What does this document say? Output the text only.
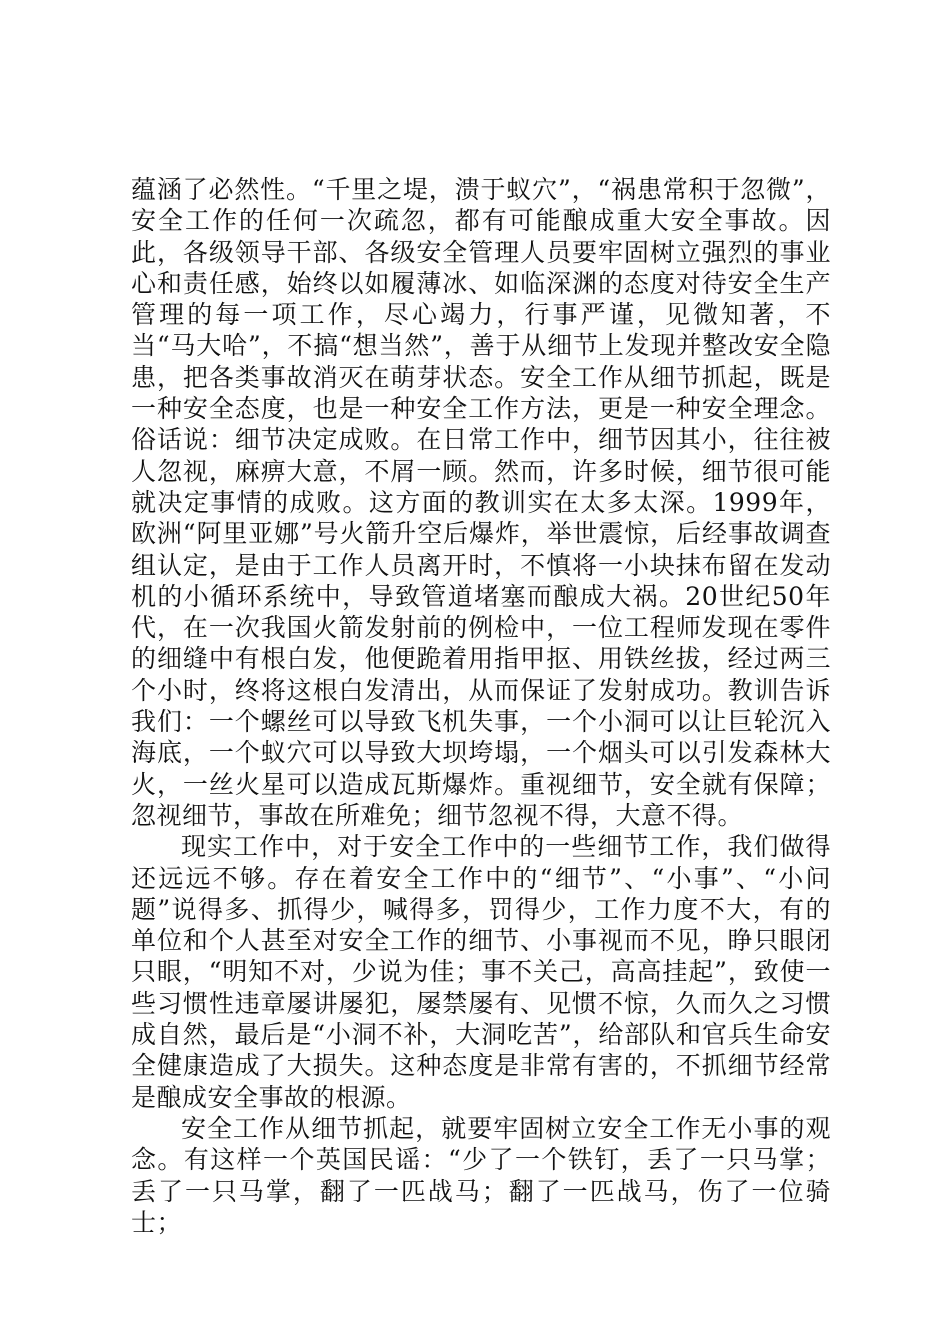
蕴涵了必然性。“千里之堤，溃于蚁穴”，“祸患常积于忽微”，安全工作的任何一次疏忽，都有可能酿成重大安全事故。因此，各级领导干部、各级安全管理人员要牢固树立强烈的事业心和责任感，始终以如履薄冰、如临深渊的态度对待安全生产管理的每一项工作，尽心竭力，行事严谨，见微知著，不当“马大哈”，不搞“想当然”，善于从细节上发现并整改安全隐患，把各类事故消灭在萌芽状态。安全工作从细节抓起，既是一种安全态度，也是一种安全工作方法，更是一种安全理念。俗话说：细节决定成败。在日常工作中，细节因其小，往往被人忽视，麻痹大意，不屑一顾。然而，许多时候，细节很可能就决定事情的成败。这方面的教训实在太多太深。1999年，欧洲“阿里亚娜”号火箭升空后爆炸，举世震惊，后经事故调查组认定，是由于工作人员离开时，不慎将一小块抹布留在发动机的小循环系统中，导致管道堵塞而酿成大祸。20世纪50年代，在一次我国火箭发射前的例检中，一位工程师发现在零件的细缝中有根白发，他便跪着用指甲抠、用铁丝拔，经过两三个小时，终将这根白发清出，从而保证了发射成功。教训告诉我们：一个螺丝可以导致飞机失事，一个小洞可以让巨轮沉入海底，一个蚁穴可以导致大坝垮塌，一个烟头可以引发森林大火，一丝火星可以造成瓦斯爆炸。重视细节，安全就有保障；忽视细节，事故在所难免；细节忽视不得，大意不得。

现实工作中，对于安全工作中的一些细节工作，我们做得还远远不够。存在着安全工作中的“细节”、“小事”、“小问题”说得多、抓得少，喊得多，罚得少，工作力度不大，有的单位和个人甚至对安全工作的细节、小事视而不见，睁只眼闭只眼，“明知不对，少说为佳；事不关己，高高挂起”，致使一些习惯性违章屡讲屡犯，屡禁屡有、见惯不惊，久而久之习惯成自然，最后是“小洞不补，大洞吃苦”，给部队和官兵生命安全健康造成了大损失。这种态度是非常有害的，不抓细节经常是酿成安全事故的根源。

安全工作从细节抓起，就要牢固树立安全工作无小事的观念。有这样一个英国民谣：“少了一个铁钉，丢了一只马掌；丢了一只马掌，翻了一匹战马；翻了一匹战马，伤了一位骑士；
